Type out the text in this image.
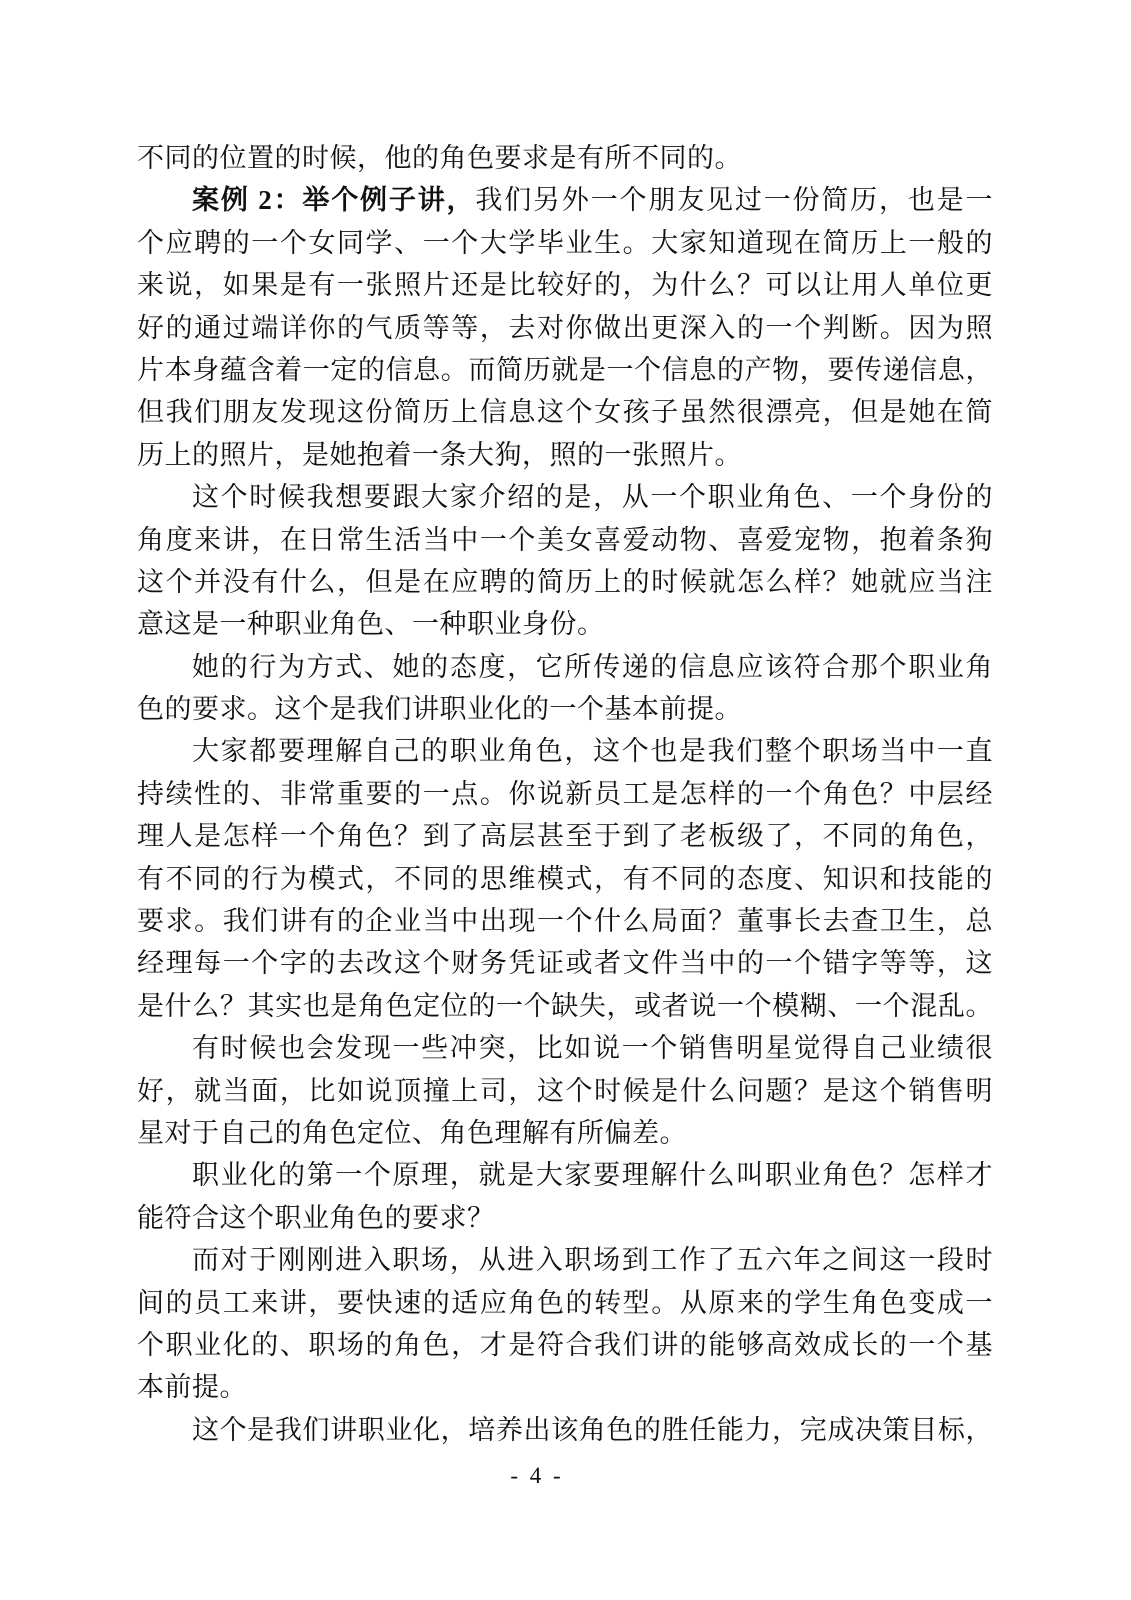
不同的位置的时候，他的角色要求是有所不同的。
案例 2：举个例子讲，我们另外一个朋友见过一份简历，也是一
个应聘的一个女同学、一个大学毕业生。大家知道现在简历上一般的
来说，如果是有一张照片还是比较好的，为什么？可以让用人单位更
好的通过端详你的气质等等，去对你做出更深入的一个判断。因为照
片本身蕴含着一定的信息。而简历就是一个信息的产物，要传递信息，
但我们朋友发现这份简历上信息这个女孩子虽然很漂亮，但是她在简
历上的照片，是她抱着一条大狗，照的一张照片。
这个时候我想要跟大家介绍的是，从一个职业角色、一个身份的
角度来讲，在日常生活当中一个美女喜爱动物、喜爱宠物，抱着条狗
这个并没有什么，但是在应聘的简历上的时候就怎么样？她就应当注
意这是一种职业角色、一种职业身份。
她的行为方式、她的态度，它所传递的信息应该符合那个职业角
色的要求。这个是我们讲职业化的一个基本前提。
大家都要理解自己的职业角色，这个也是我们整个职场当中一直
持续性的、非常重要的一点。你说新员工是怎样的一个角色？中层经
理人是怎样一个角色？到了高层甚至于到了老板级了，不同的角色，
有不同的行为模式，不同的思维模式，有不同的态度、知识和技能的
要求。我们讲有的企业当中出现一个什么局面？董事长去查卫生，总
经理每一个字的去改这个财务凭证或者文件当中的一个错字等等，这
是什么？其实也是角色定位的一个缺失，或者说一个模糊、一个混乱。
有时候也会发现一些冲突，比如说一个销售明星觉得自己业绩很
好，就当面，比如说顶撞上司，这个时候是什么问题？是这个销售明
星对于自己的角色定位、角色理解有所偏差。
职业化的第一个原理，就是大家要理解什么叫职业角色？怎样才
能符合这个职业角色的要求？
而对于刚刚进入职场，从进入职场到工作了五六年之间这一段时
间的员工来讲，要快速的适应角色的转型。从原来的学生角色变成一
个职业化的、职场的角色，才是符合我们讲的能够高效成长的一个基
本前提。
这个是我们讲职业化，培养出该角色的胜任能力，完成决策目标，
- 4 -
